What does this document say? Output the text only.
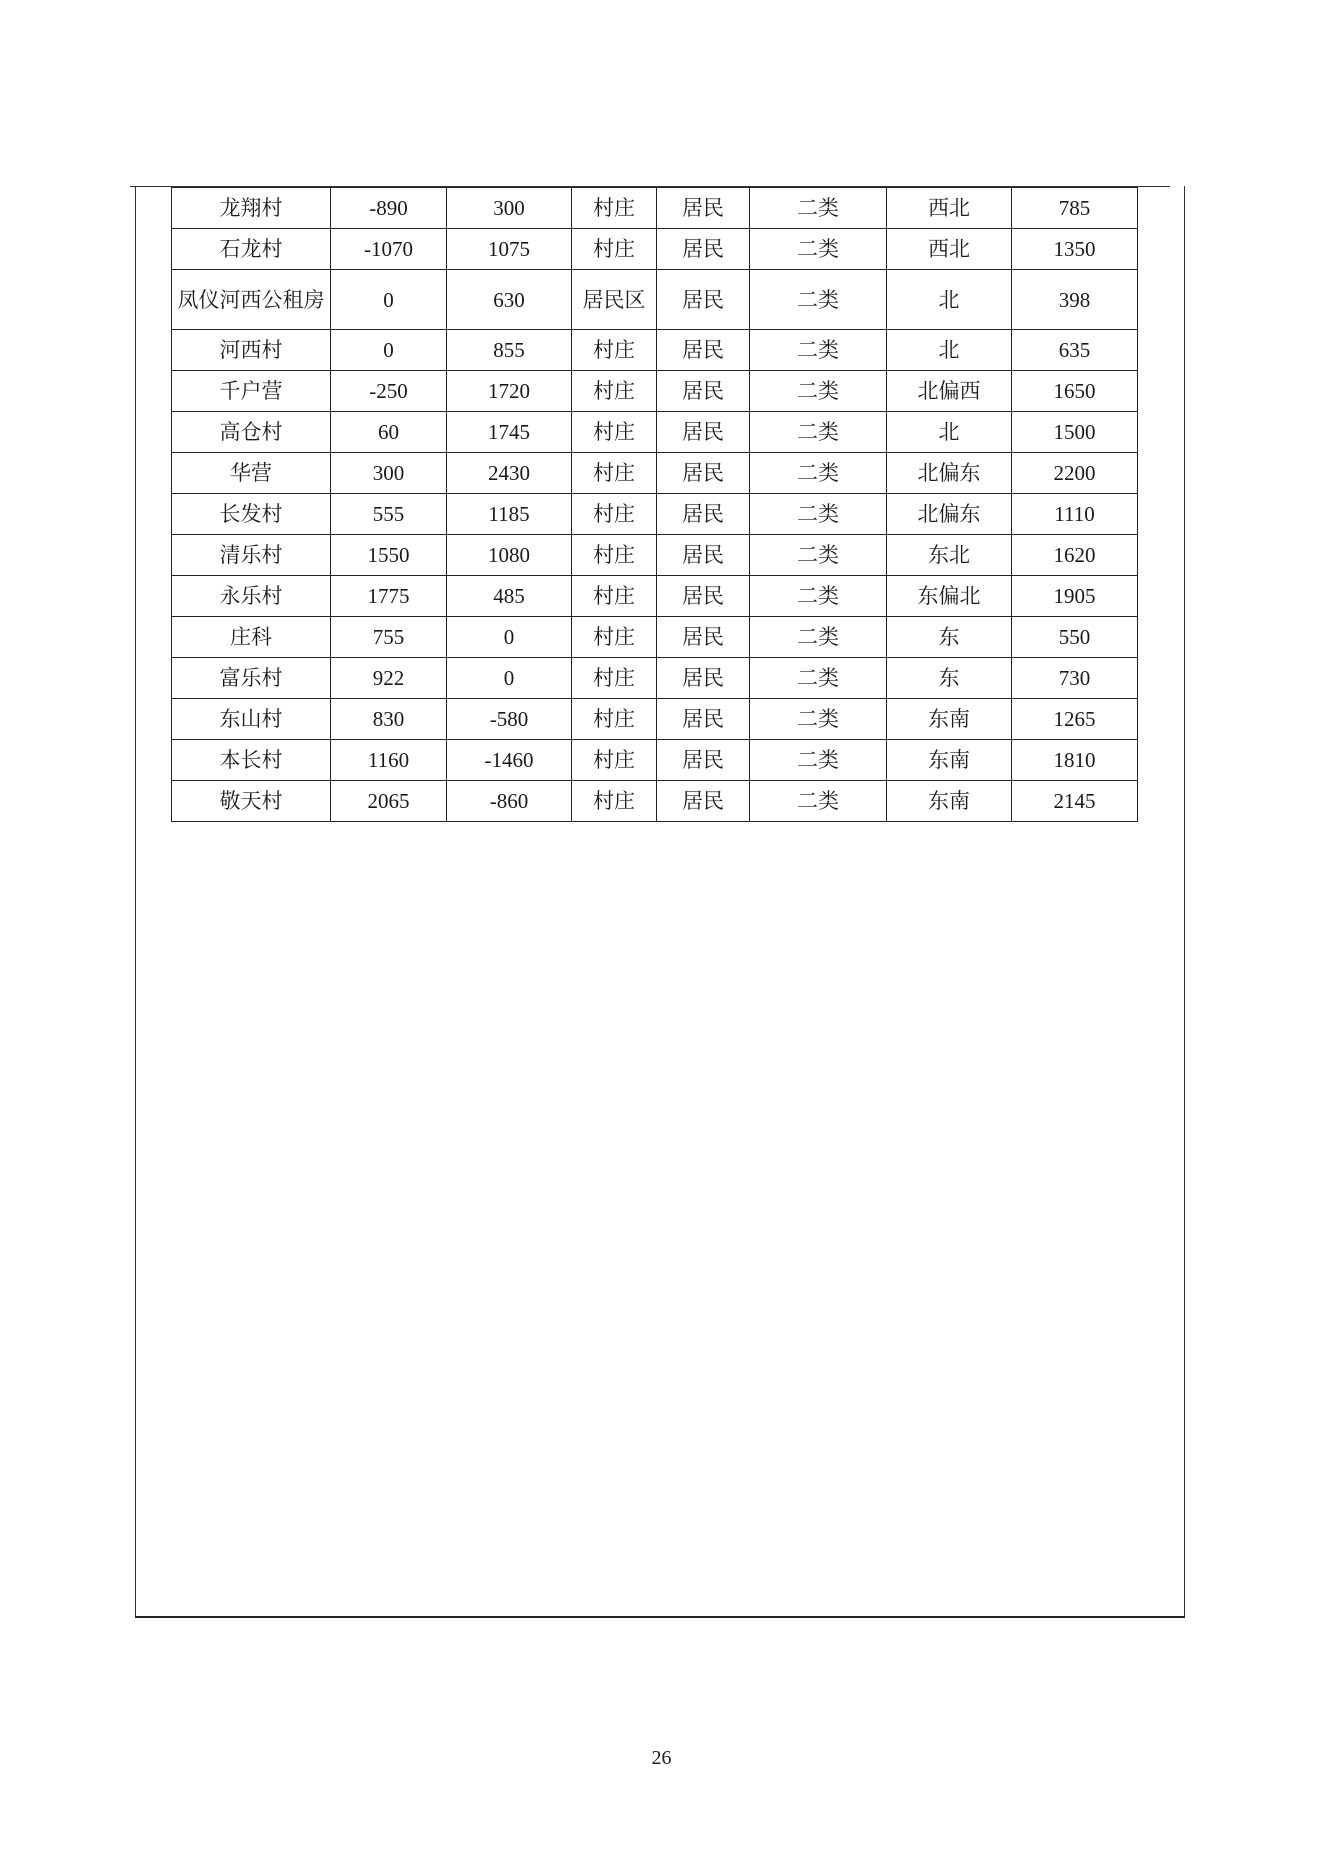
龙翔村	-890	300	村庄	居民	二类	西北	785
石龙村	-1070	1075	村庄	居民	二类	西北	1350
凤仪河西公租房	0	630	居民区	居民	二类	北	398
河西村	0	855	村庄	居民	二类	北	635
千户营	-250	1720	村庄	居民	二类	北偏西	1650
高仓村	60	1745	村庄	居民	二类	北	1500
华营	300	2430	村庄	居民	二类	北偏东	2200
长发村	555	1185	村庄	居民	二类	北偏东	1110
清乐村	1550	1080	村庄	居民	二类	东北	1620
永乐村	1775	485	村庄	居民	二类	东偏北	1905
庄科	755	0	村庄	居民	二类	东	550
富乐村	922	0	村庄	居民	二类	东	730
东山村	830	-580	村庄	居民	二类	东南	1265
本长村	1160	-1460	村庄	居民	二类	东南	1810
敬天村	2065	-860	村庄	居民	二类	东南	2145
26
